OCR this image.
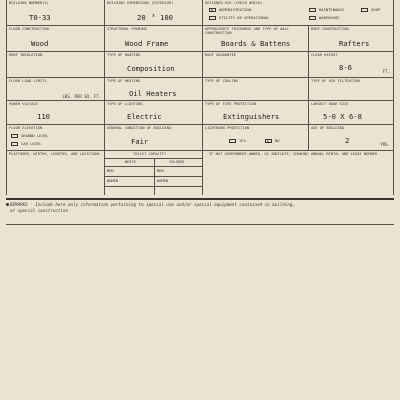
BUILDING NUMBER(S)
T0-33
BUILDING DIMENSIONS (EXTERIOR)
20 x 100
DESIGNED USE (CHECK WHICH)
✕ADMINISTRATION
UTILITY OR OPERATIONAL
MAINTENANCE	SHOP
WAREHOUSE
FLOOR CONSTRUCTION
Wood
STRUCTURAL FRAMING
Wood Frame
APPROXIMATE THICKNESS AND TYPE OF WALL CONSTRUCTION
Boards & Battens
ROOF CONSTRUCTION
Rafters
ROOF INSULATION	TYPE OF ROOFING
Composition
ROOF GUARANTEE	CLEAR HEIGHT
8-6	FT.
FLOOR LOAD LIMITS
LBS. PER SQ. FT.
TYPE OF HEATING
Oil Heaters
TYPE OF COOLING	TYPE OF AIR FILTRATION
POWER VOLTAGE
110
TYPE OF LIGHTING
Electric
TYPE OF FIRE PROTECTION
Extinguishers
LARGEST DOOR SIZE
5-0 X 6-8
FLOOR ELEVATION
GROUND LEVEL
CAR LEVEL
GENERAL CONDITION OF BUILDING
Fair
LIGHTNING PROTECTION
YES
✕	NO
AGE OF BUILDING
2	YRS.
PLATFORMS, WIDTHS, LENGTHS, AND LOCATIONS	TOILET CAPACITY
WHITE	COLORED
MEN	MEN
WOMEN	WOMEN
IF NOT GOVERNMENT-OWNED, SO INDICATE, SHOWING ANNUAL RENTAL AND LEASE NUMBER
REMARKS - Include here only information pertaining to special use and/or special equipment contained in building,
or special construction
